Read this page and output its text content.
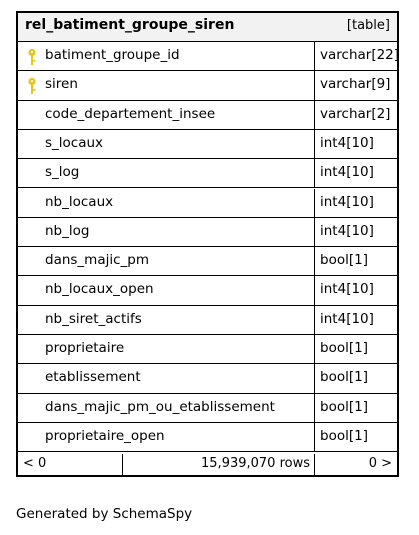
rel_batiment_groupe_siren	[table]
batiment_groupe_id	varchar[22]
siren	varchar[9]
code_departement_insee	varchar[2]
s_locaux	int4[10]
s_log	int4[10]
nb_locaux	int4[10]
nb_log	int4[10]
dans_majic_pm	bool[1]
nb_locaux_open	int4[10]
nb_siret_actifs	int4[10]
proprietaire	bool[1]
etablissement	bool[1]
dans_majic_pm_ou_etablissement	bool[1]
proprietaire_open	bool[1]
< 0	15,939,070 rows	0 >
Generated by SchemaSpy
